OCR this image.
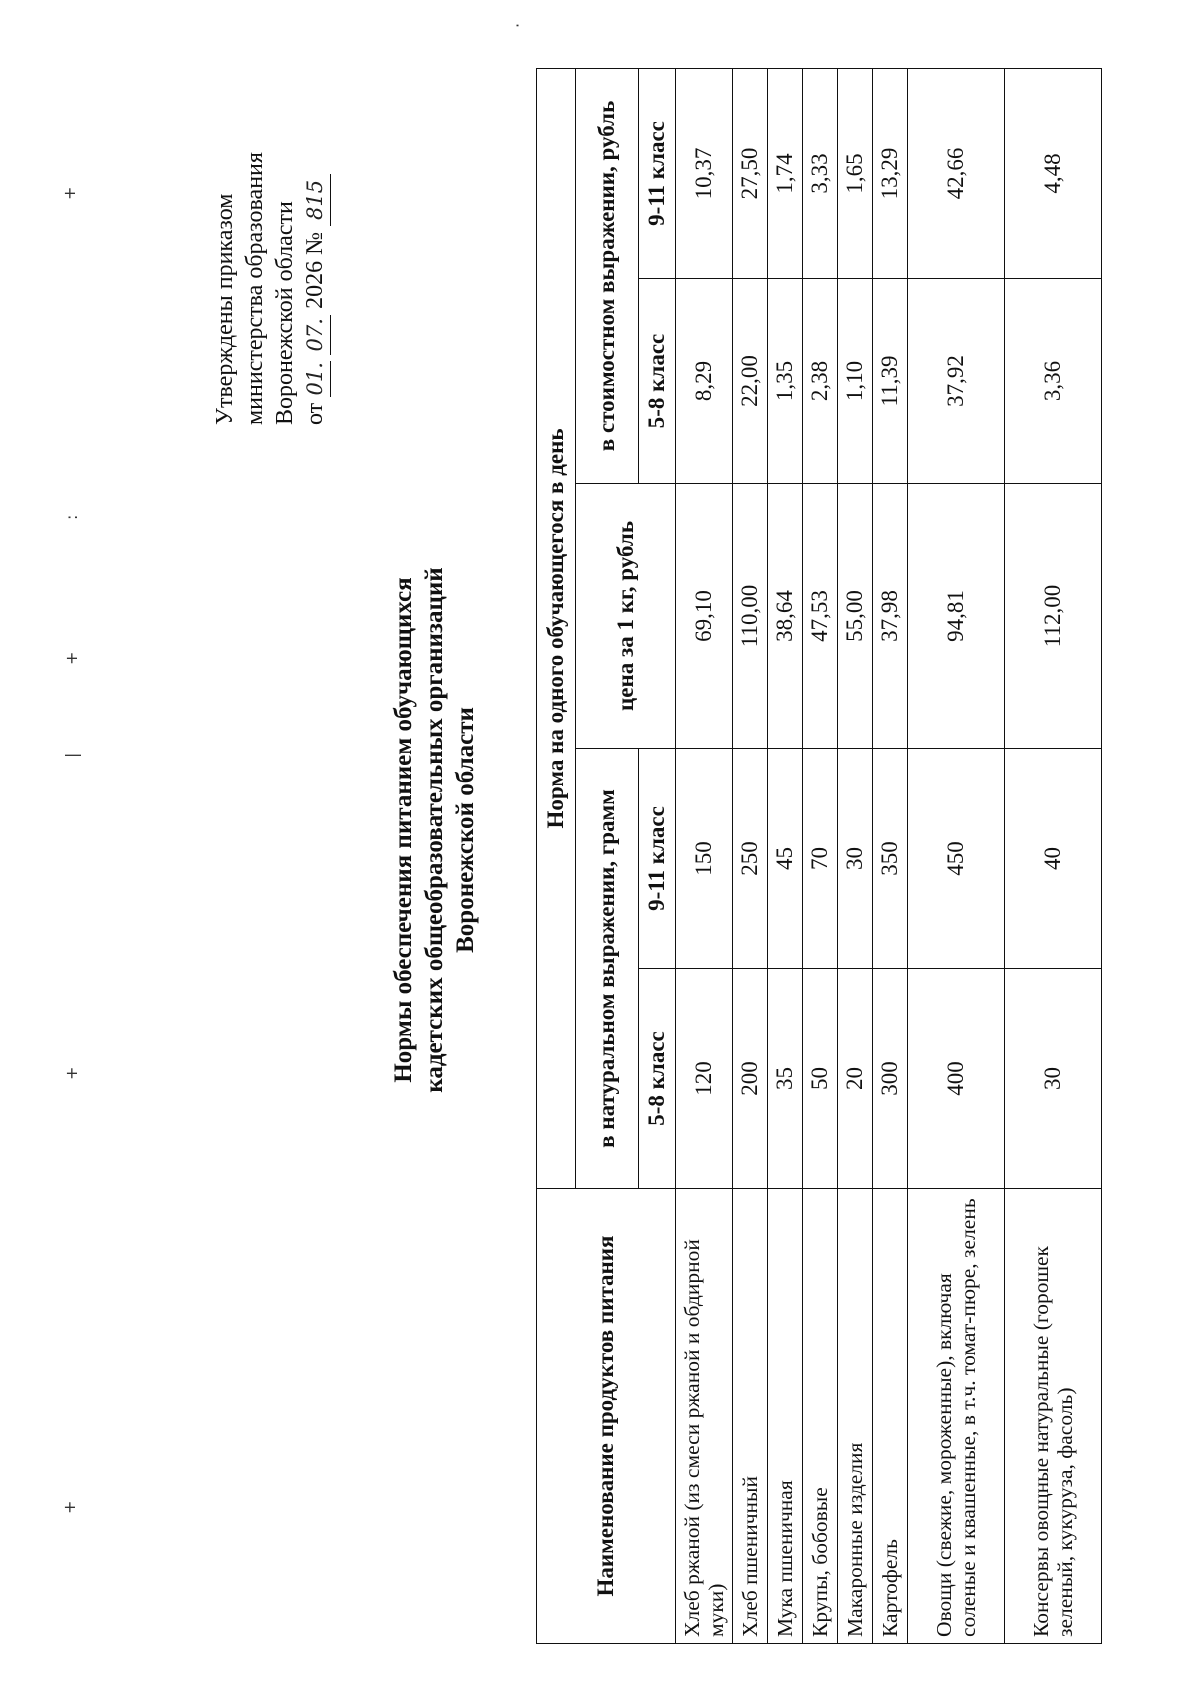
+
:
+
|
+
+
·
Утверждены приказом министерства образования Воронежской области от 01. 07. 2026 № 815
Нормы обеспечения питанием обучающихся кадетских общеобразовательных организаций Воронежской области
Наименование продуктов питания	Норма на одного обучающегося в день				
	в натуральном выражении, грамм		цена за 1 кг, рубль	в стоимостном выражении, рубль	
	5-8 класс	9-11 класс		5-8 класс	9-11 класс
Хлеб ржаной (из смеси ржаной и обдирной муки)	120	150	69,10	8,29	10,37
Хлеб пшеничный	200	250	110,00	22,00	27,50
Мука пшеничная	35	45	38,64	1,35	1,74
Крупы, бобовые	50	70	47,53	2,38	3,33
Макаронные изделия	20	30	55,00	1,10	1,65
Картофель	300	350	37,98	11,39	13,29
Овощи (свежие, мороженные), включая соленые и квашенные, в т.ч. томат-пюре, зелень	400	450	94,81	37,92	42,66
Консервы овощные натуральные (горошек зеленый, кукуруза, фасоль)	30	40	112,00	3,36	4,48
